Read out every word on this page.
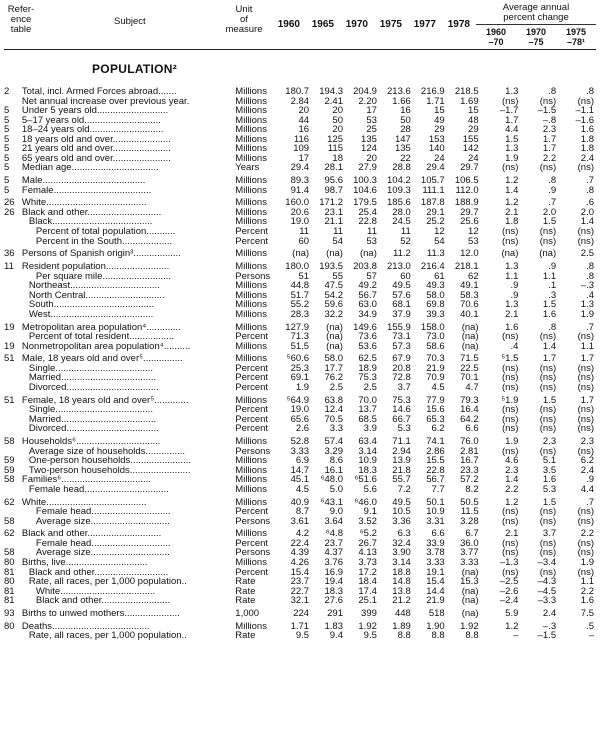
Refer-
ence
table
Subject
Unit
of
measure	1960	1965	1970	1975	1977	1978
Average annual
percent change
1960
–70
1970
–75
1975
–78¹
POPULATION²
2	Total, incl. Armed Forces abroad.......	Millions	180.7	194.3	204.9	213.6	216.9	218.5	1.3	.8	.8
	Net annual increase over previous year.	Millions	2.84	2.41	2.20	1.66	1.71	1.69	(ns)	(ns)	(ns)
5	Under 5 years old...........................	Millions	20	20	17	16	15	15	–1.7	–1.5	–1.1
5	5–17 years old.............................	Millions	44	50	53	50	49	48	1.7	–.8	–1.6
5	18–24 years old............................	Millions	16	20	25	28	29	29	4.4	2.3	1.6
5	18 years old and over......................	Millions	116	125	135	147	153	155	1.5	1.7	1.8
5	21 years old and over......................	Millions	109	115	124	135	140	142	1.3	1.7	1.8
5	65 years old and over......................	Millions	17	18	20	22	24	24	1.9	2.2	2.4
5	Median age.................................	Years	29.4	28.1	27.9	28.8	29.4	29.7	(ns)	(ns)	(ns)
5	Male.......................................	Millions	89.3	95.6	100.3	104.2	105.7	106.5	1.2	.8	.7
5	Female.....................................	Millions	91.4	98.7	104.6	109.3	111.1	112.0	1.4	.9	.8
26	White......................................	Millions	160.0	171.2	179.5	185.6	187.8	188.9	1.2	.7	.6
26	Black and other............................	Millions	20.6	23.1	25.4	28.0	29.1	29.7	2.1	2.0	2.0
	Black......................................	Millions	19.0	21.1	22.8	24.5	25.2	25.6	1.8	1.5	1.4
	Percent of total population...........	Percent	11	11	11	11	12	12	(ns)	(ns)	(ns)
	Percent in the South...................	Percent	60	54	53	52	54	53	(ns)	(ns)	(ns)
36	Persons of Spanish origin³..................	Millions	(na)	(na)	(na)	11.2	11.3	12.0	(na)	(na)	2.5
11	Resident population........................	Millions	180.0	193.5	203.8	213.0	216.4	218.1	1.3	.9	.8
	Per square mile..........................	Persons	51	55	57	60	61	62	1.1	1.1	.8
	Northeast..................................	Millions	44.8	47.5	49.2	49.5	49.3	49.1	.9	.1	–.3
	North Central..............................	Millions	51.7	54.2	56.7	57.6	58.0	58.3	.9	.3	.4
	South......................................	Millions	55.2	59.6	63.0	68.1	69.8	70.6	1.3	1.5	1.3
	West.......................................	Millions	28.3	32.2	34.9	37.9	39.3	40.1	2.1	1.6	1.9
19	Metropolitan area population⁴.............	Millions	127.9	(na)	149.6	155.9	158.0	(na)	1.6	.8	.7
	Percent of total resident.................	Percent	71.3	(na)	73.6	73.1	73.0	(na)	(ns)	(ns)	(ns)
19	Nonmetropolitan area population⁴..........	Millions	51.5	(na)	53.6	57.3	58.6	(na)	.4	1.4	1.1
51	Male, 18 years old and over⁵...............	Millions	⁵60.6	58.0	62.5	67.9	70.3	71.5	⁵1.5	1.7	1.7
	Single.....................................	Percent	25.3	17.7	18.9	20.8	21.9	22.5	(ns)	(ns)	(ns)
	Married....................................	Percent	69.1	76.2	75.3	72.8	70.9	70.1	(ns)	(ns)	(ns)
	Divorced...................................	Percent	1.9	2.5	2.5	3.7	4.5	4.7	(ns)	(ns)	(ns)
51	Female, 18 years old and over⁵.............	Millions	⁵64.9	63.8	70.0	75.3	77.9	79.3	⁵1.9	1.5	1.7
	Single.....................................	Percent	19.0	12.4	13.7	14.6	15.6	16.4	(ns)	(ns)	(ns)
	Married....................................	Percent	65.6	70.5	68.5	66.7	65.3	64.2	(ns)	(ns)	(ns)
	Divorced...................................	Percent	2.6	3.3	3.9	5.3	6.2	6.6	(ns)	(ns)	(ns)
58	Households⁶................................	Millions	52.8	57.4	63.4	71.1	74.1	76.0	1.9	2.3	2.3
	Average size of households...............	Persons	3.33	3.29	3.14	2.94	2.86	2.81	(ns)	(ns)	(ns)
59	One-person households.......................	Millions	6.9	8.6	10.9	13.9	15.5	16.7	4.6	5.1	6.2
59	Two-person households.......................	Millions	14.7	16.1	18.3	21.8	22.8	23.3	2.3	3.5	2.4
58	Families⁶..................................	Millions	45.1	⁶48.0	⁶51.6	55.7	56.7	57.2	1.4	1.6	.9
	Female head................................	Millions	4.5	5.0	5.6	7.2	7.7	8.2	2.2	5.3	4.4
62	White......................................	Millions	40.9	⁶43.1	⁶46.0	49.5	50.1	50.5	1.2	1.5	.7
	Female head..............................	Percent	8.7	9.0	9.1	10.5	10.9	11.5	(ns)	(ns)	(ns)
58	Average size..............................	Persons	3.61	3.64	3.52	3.36	3.31	3.28	(ns)	(ns)	(ns)
62	Black and other............................	Millions	4.2	⁶4.8	⁶5.2	6.3	6.6	6.7	2.1	3.7	2.2
	Female head..............................	Percent	22.4	23.7	26.7	32.4	33.9	36.0	(ns)	(ns)	(ns)
58	Average size..............................	Persons	4.39	4.37	4.13	3.90	3.78	3.77	(ns)	(ns)	(ns)
80	Births, live...............................	Millions	4.26	3.76	3.73	3.14	3.33	3.33	–1.3	–3.4	1.9
81	Black and other............................	Percent	15.4	16.9	17.2	18.8	19.1	(na)	(ns)	(ns)	(ns)
80	Rate, all races, per 1,000 population..	Rate	23.7	19.4	18.4	14.8	15.4	15.3	–2.5	–4.3	1.1
81	White....................................	Rate	22.7	18.3	17.4	13.8	14.4	(na)	–2.6	–4.5	2.2
81	Black and other..........................	Rate	32.1	27.6	25.1	21.2	21.9	(na)	–2.4	–3.3	1.6
93	Births to unwed mothers.....................	1,000	224	291	399	448	518	(na)	5.9	2.4	7.5
80	Deaths.....................................	Millions	1.71	1.83	1.92	1.89	1.90	1.92	1.2	–.3	.5
	Rate, all races, per 1,000 population..	Rate	9.5	9.4	9.5	8.8	8.8	8.8	–	–1.5	–
